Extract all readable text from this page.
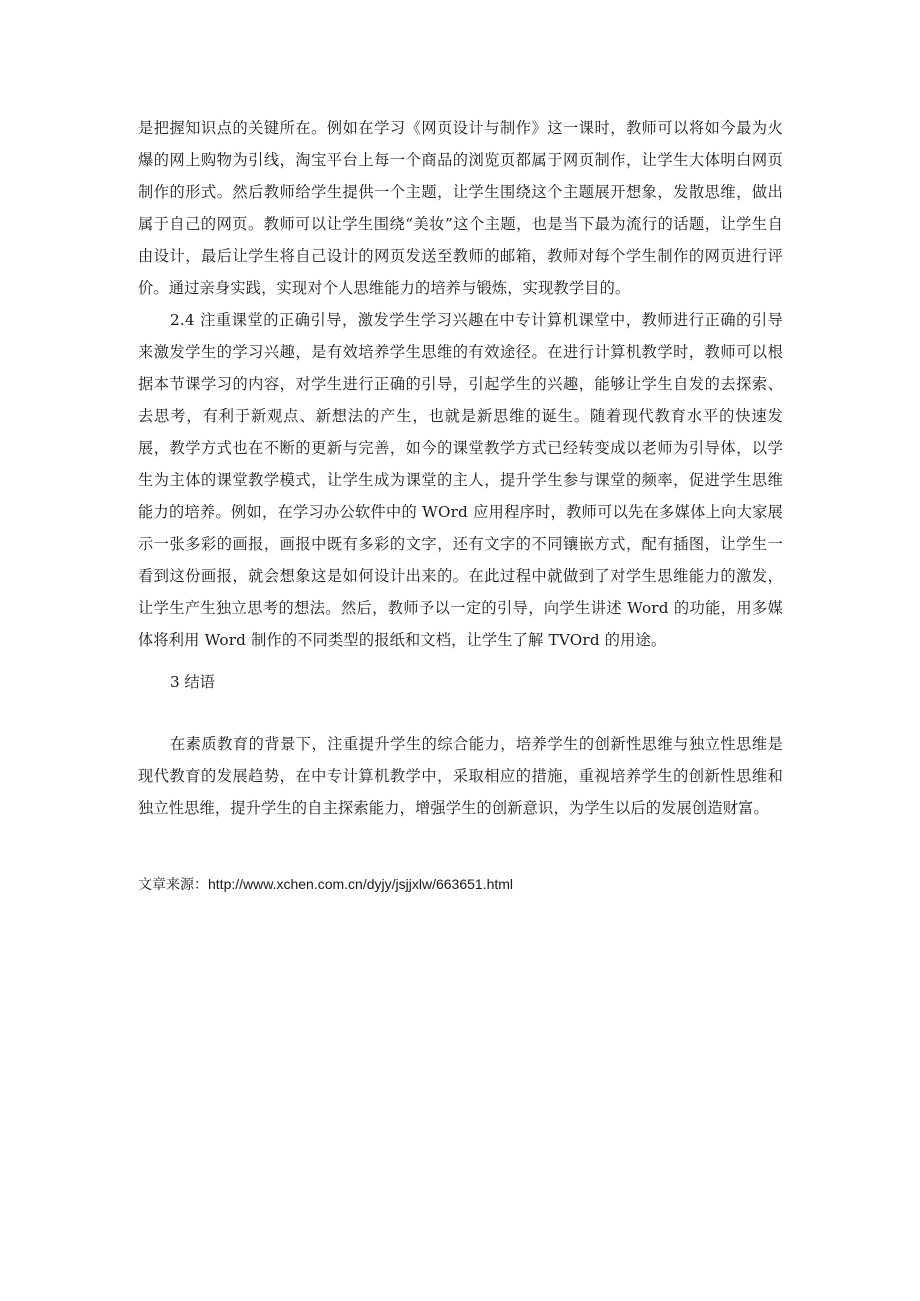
是把握知识点的关键所在。例如在学习《网页设计与制作》这一课时，教师可以将如今最为火爆的网上购物为引线，淘宝平台上每一个商品的浏览页都属于网页制作，让学生大体明白网页制作的形式。然后教师给学生提供一个主题，让学生围绕这个主题展开想象，发散思维，做出属于自己的网页。教师可以让学生围绕“美妆”这个主题，也是当下最为流行的话题，让学生自由设计，最后让学生将自己设计的网页发送至教师的邮箱，教师对每个学生制作的网页进行评价。通过亲身实践，实现对个人思维能力的培养与锻炼，实现教学目的。

2.4 注重课堂的正确引导，激发学生学习兴趣在中专计算机课堂中，教师进行正确的引导来激发学生的学习兴趣，是有效培养学生思维的有效途径。在进行计算机教学时，教师可以根据本节课学习的内容，对学生进行正确的引导，引起学生的兴趣，能够让学生自发的去探索、去思考，有利于新观点、新想法的产生，也就是新思维的诞生。随着现代教育水平的快速发展，教学方式也在不断的更新与完善，如今的课堂教学方式已经转变成以老师为引导体，以学生为主体的课堂教学模式，让学生成为课堂的主人，提升学生参与课堂的频率，促进学生思维能力的培养。例如，在学习办公软件中的 WOrd 应用程序时，教师可以先在多媒体上向大家展示一张多彩的画报，画报中既有多彩的文字，还有文字的不同镶嵌方式，配有插图，让学生一看到这份画报，就会想象这是如何设计出来的。在此过程中就做到了对学生思维能力的激发，让学生产生独立思考的想法。然后，教师予以一定的引导，向学生讲述 Word 的功能，用多媒体将利用 Word 制作的不同类型的报纸和文档，让学生了解 TVOrd 的用途。

3 结语

在素质教育的背景下，注重提升学生的综合能力，培养学生的创新性思维与独立性思维是现代教育的发展趋势，在中专计算机教学中，采取相应的措施，重视培养学生的创新性思维和独立性思维，提升学生的自主探索能力，增强学生的创新意识，为学生以后的发展创造财富。

文章来源：http://www.xchen.com.cn/dyjy/jsjjxlw/663651.html
